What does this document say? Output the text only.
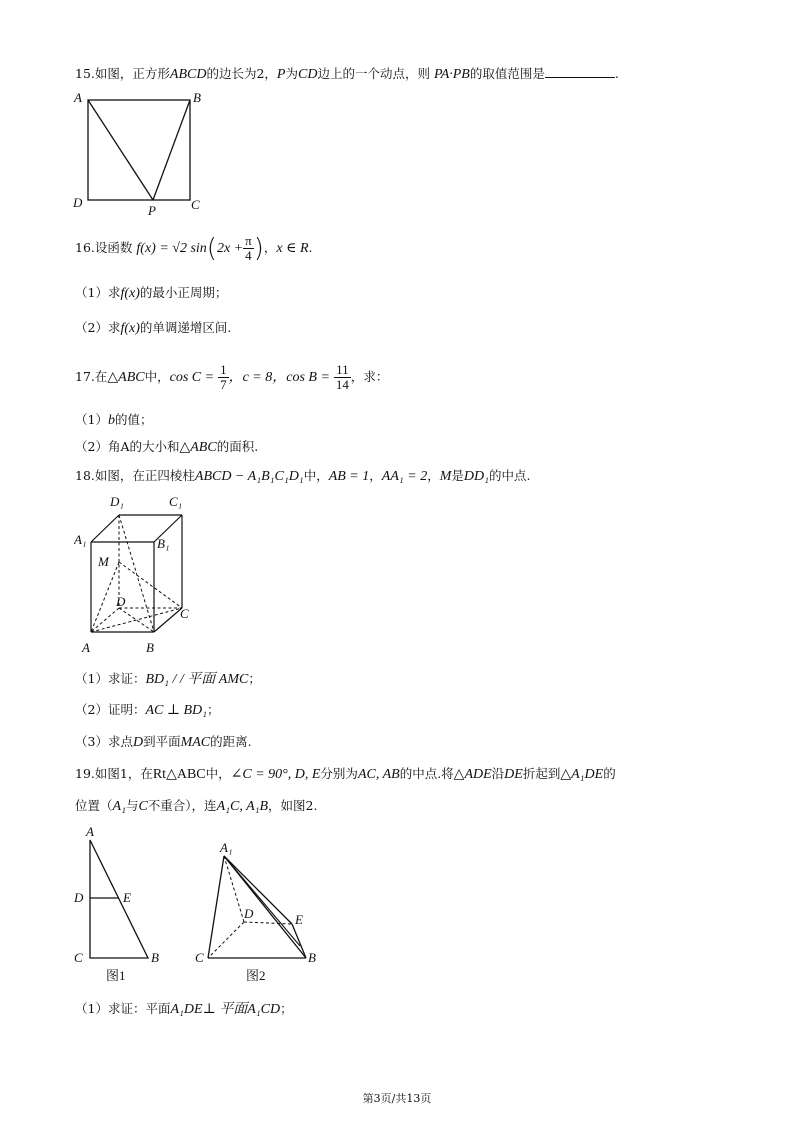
15.如图，正方形ABCD的边长为2，P为CD边上的一个动点，则 PA·PB的取值范围是	.
A	B
C
D
P
16.设函数 f(x) = √2 $\sin(2x + \frac{\pi}{4}$ )，x ∈ R.
（1）求f(x)的最小正周期；
（2）求f(x)的单调递增区间.
17.在△ABC中，$\cos C = \frac{1}{7}$ ，c = 8，$\cos B = \frac{11}{14}$ ，求：
（1）b的值；
（2）角A的大小和△ABC的面积.
18.如图，在正四棱柱ABCD − A₁B₁C₁D₁中，AB = 1，AA₁ = 2，M是DD₁的中点.
D₁	C₁
A₁	B₁
M
D
C
A	B
（1）求证：BD₁ / / 平面 AMC；
（2）证明：AC ⊥ BD₁；
（3）求点D到平面MAC的距离.
19.如图1，在Rt△ABC中，∠C = 90°, D, E分别为AC, AB的中点.将△ADE沿DE折起到△A₁DE的
位置（A₁与C不重合），连A₁C, A₁B，如图2.
A
D	E
C	B
图1
A₁
D	E
C	B
图2
（1）求证：平面A₁DE⊥ 平面A₁CD；
第3页/共13页
